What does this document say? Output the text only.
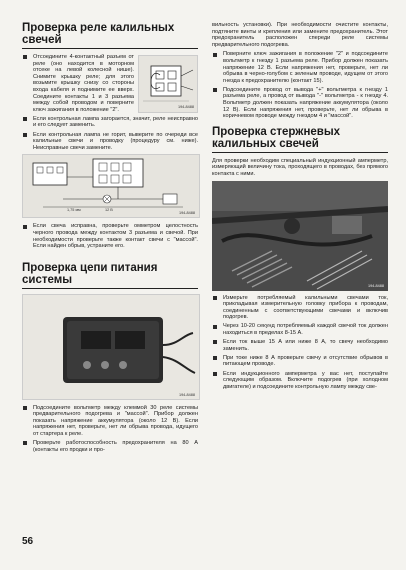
Проверка реле калильных свечей
Отсоедините 4-контактный разъем от реле (оно находится в моторном отсеке на левой колесной нише). Снимите крышку реле; для этого возьмите крышку снизу со стороны входа кабеля и поднимите ее вверх. Соедините контакты 1 и 3 разъема между собой проводом и поверните ключ зажигания в положение "2".	194-8488
Если контрольная лампа загорается, значит, реле неисправно и его следует заменить.
Если контрольная лампа не горит, выверите по очереди все калильные свечи и проводку (процедуру см. ниже). Неисправные свечи замените.
1,75 мм	12 В
194-8488
Если свеча исправна, проверьте омметром целостность черного провода между контактом 3 разъема и свечой. При необходимости проверьте также контакт свечи с "массой". Если найден обрыв, устраните его.
Проверка цепи питания системы
194-8488
Подсоедините вольтметр между клеммой 30 реле системы предварительного подогрева и "массой". Прибор должен показать напряжение аккумулятора (около 12 В). Если напряжения нет, проверьте, нет ли обрыва провода, идущего от стартера к реле.
Проверьте работоспособность предохранителя на 80 А (контакты его продки и про-
вильность установки). При необходимости очистите контакты, подтяните винты и крепления или замените предохранитель. Этот предохранитель расположен спереди реле системы предварительного подогрева.
Поверните ключ зажигания в положение "2" и подсоедините вольтметр к гнезду 1 разъема реле. Прибор должен показать напряжение 12 В. Если напряжения нет, проверьте, нет ли обрыва в черно-голубом с зеленым проводе, идущем от этого гнезда к предохранителю (контакт 15).
Подсоедините провод от вывода "+" вольтметра к гнезду 1 разъема реле, а провод от вывода "-" вольтметра - к гнезду 4. Вольтметр должен показать напряжение аккумулятора (около 12 В). Если напряжения нет, проверьте, нет ли обрыва в коричневом проводе между гнездом 4 и "массой".
Проверка стержневых калильных свечей
Для проверки необходим специальный индукционный амперметр, измеряющий величину тока, проходящего в проводах, без прямого контакта с ними.
194-8488
Измерьте потребляемый калильными свечами ток, прикладывая измерительную головку прибора к проводам, соединенным с соответствующими свечами и включив подогрев.
Через 10-20 секунд потребляемый каждой свечой ток должен находиться в пределах 8-15 А.
Если ток выше 15 А или ниже 8 А, то свечу необходимо заменить.
При токе ниже 8 А проверьте свечу и отсутствие обрывов в питающем проводе.
Если индукционного амперметра у вас нет, поступайте следующим образом. Включите подогрев (при холодном двигателе) и подсоедините контрольную лампу между све-
56
